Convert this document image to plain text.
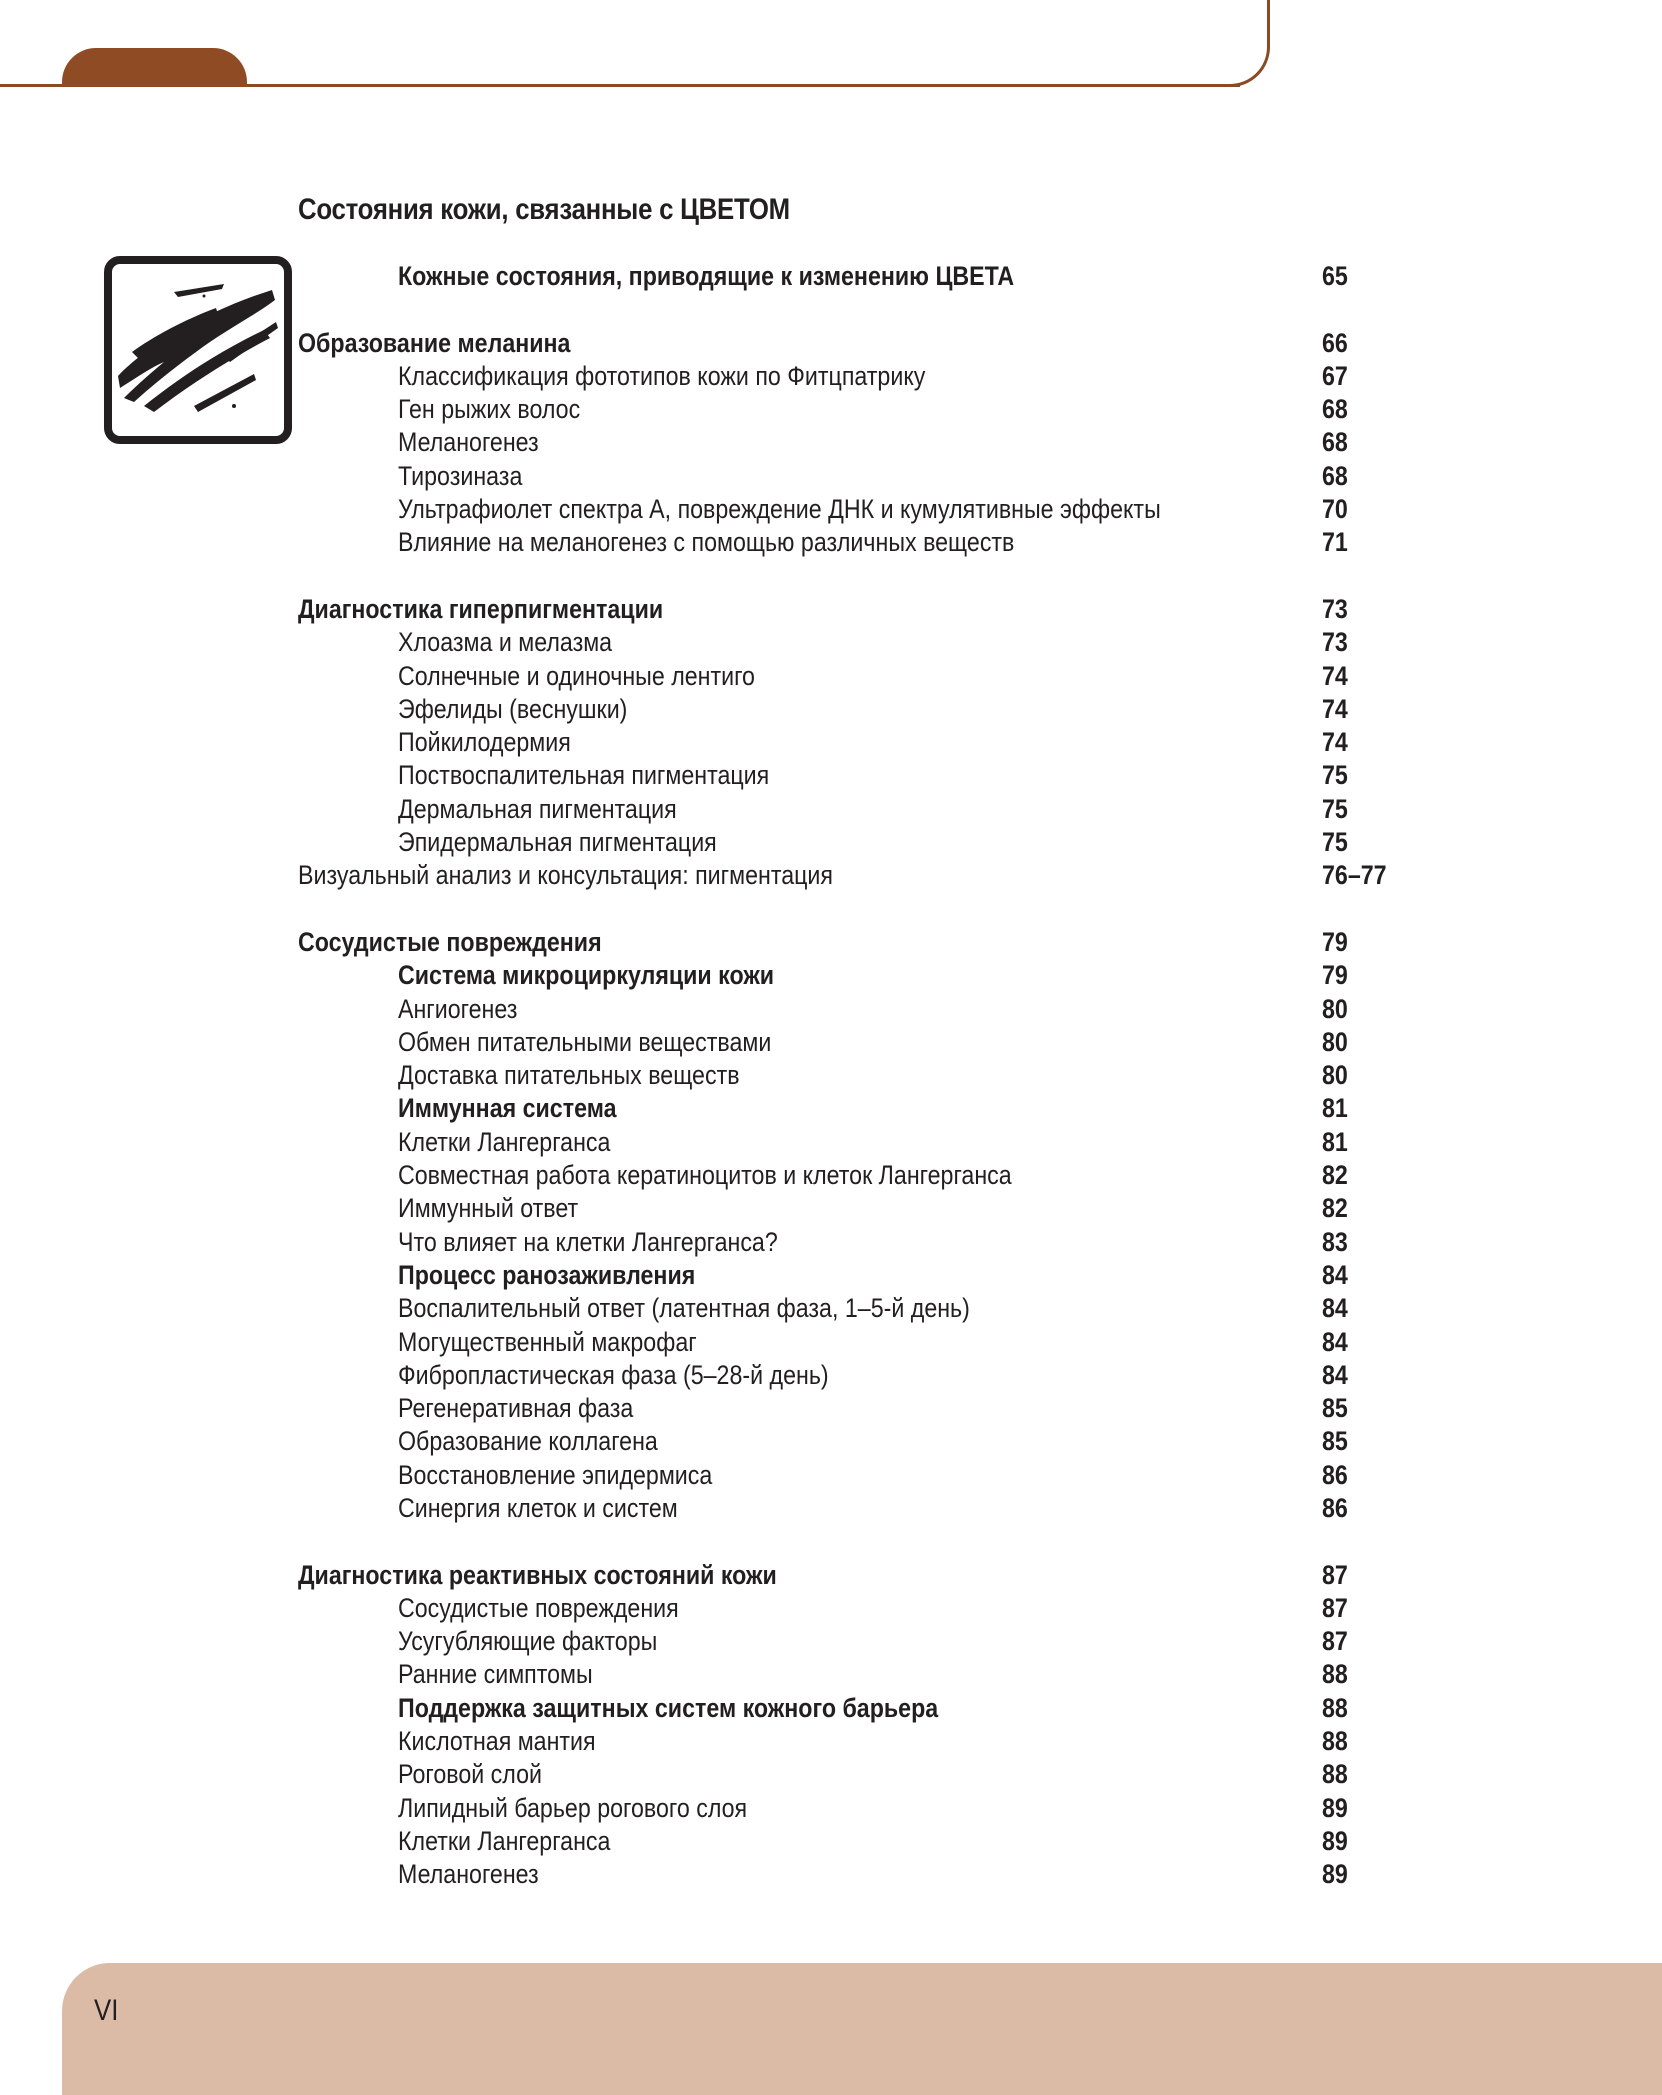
Состояния кожи, связанные с ЦВЕТОМ
Кожные состояния, приводящие к изменению ЦВЕТА	65
Образование меланина	66
Классификация фототипов кожи по Фитцпатрику	67
Ген рыжих волос	68
Меланогенез	68
Тирозиназа	68
Ультрафиолет спектра А, повреждение ДНК и кумулятивные эффекты	70
Влияние на меланогенез с помощью различных веществ	71
Диагностика гиперпигментации	73
Хлоазма и мелазма	73
Солнечные и одиночные лентиго	74
Эфелиды (веснушки)	74
Пойкилодермия	74
Поствоспалительная пигментация	75
Дермальная пигментация	75
Эпидермальная пигментация	75
Визуальный анализ и консультация: пигментация	76–77
Сосудистые повреждения	79
Система микроциркуляции кожи	79
Ангиогенез	80
Обмен питательными веществами	80
Доставка питательных веществ	80
Иммунная система	81
Клетки Лангерганса	81
Совместная работа кератиноцитов и клеток Лангерганса	82
Иммунный ответ	82
Что влияет на клетки Лангерганса?	83
Процесс ранозаживления	84
Воспалительный ответ (латентная фаза, 1–5-й день)	84
Могущественный макрофаг	84
Фибропластическая фаза (5–28-й день)	84
Регенеративная фаза	85
Образование коллагена	85
Восстановление эпидермиса	86
Синергия клеток и систем	86
Диагностика реактивных состояний кожи	87
Сосудистые повреждения	87
Усугубляющие факторы	87
Ранние симптомы	88
Поддержка защитных систем кожного барьера	88
Кислотная мантия	88
Роговой слой	88
Липидный барьер рогового слоя	89
Клетки Лангерганса	89
Меланогенез	89
VI
